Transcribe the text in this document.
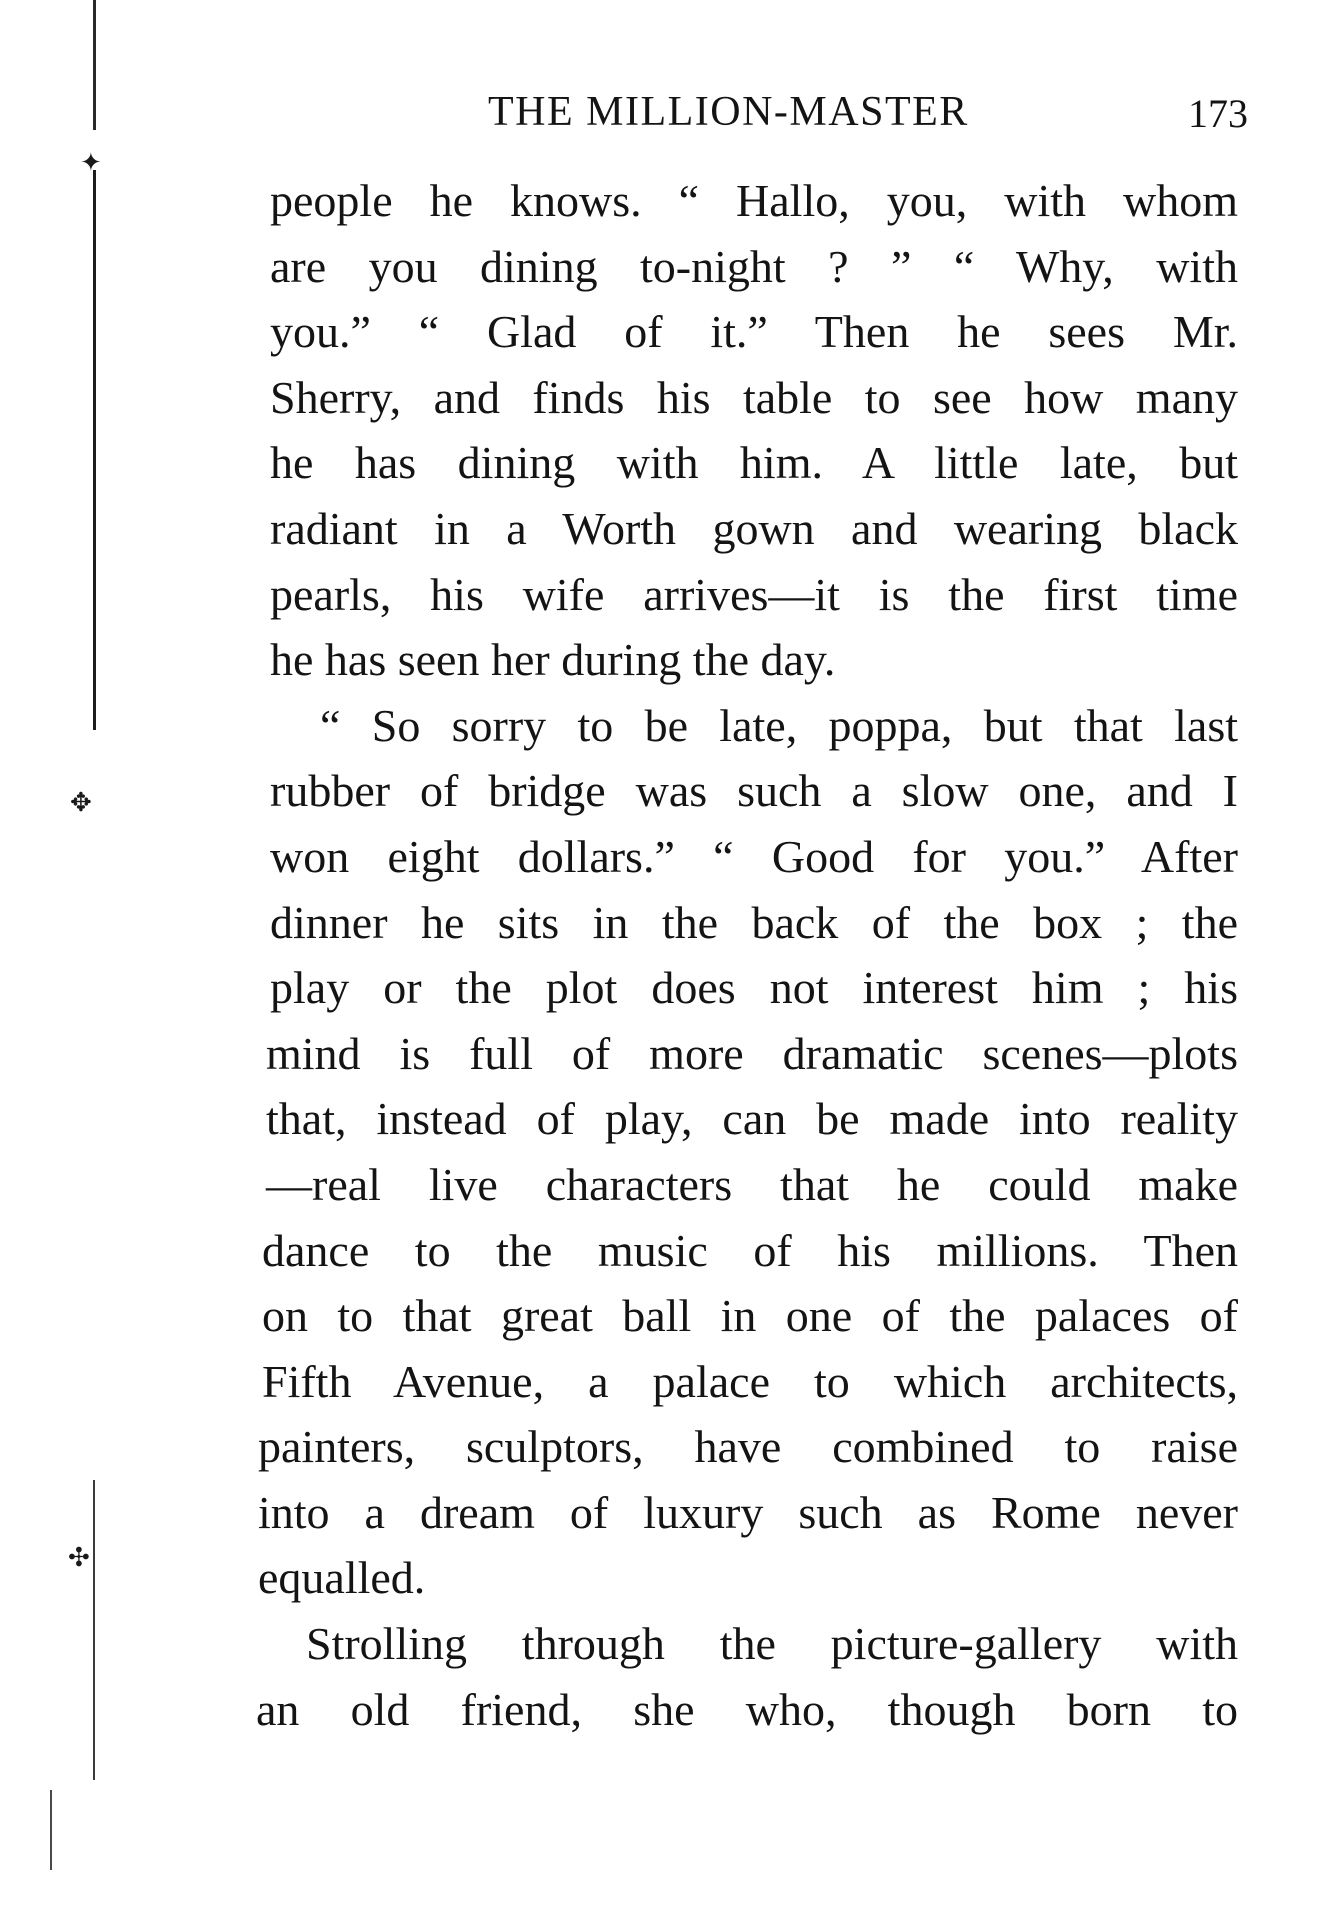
✦
✥
✣
THE MILLION-MASTER	173
people he knows. “ Hallo, you, with whom
are you dining to-night ? ” “ Why, with
you.” “ Glad of it.” Then he sees Mr.
Sherry, and finds his table to see how many
he has dining with him. A little late, but
radiant in a Worth gown and wearing black
pearls, his wife arrives—it is the first time
he has seen her during the day.
“ So sorry to be late, poppa, but that last
rubber of bridge was such a slow one, and I
won eight dollars.” “ Good for you.” After
dinner he sits in the back of the box ; the
play or the plot does not interest him ; his
mind is full of more dramatic scenes—plots
that, instead of play, can be made into reality
—real live characters that he could make
dance to the music of his millions. Then
on to that great ball in one of the palaces of
Fifth Avenue, a palace to which architects,
painters, sculptors, have combined to raise
into a dream of luxury such as Rome never
equalled.
Strolling through the picture-gallery with
an old friend, she who, though born to
